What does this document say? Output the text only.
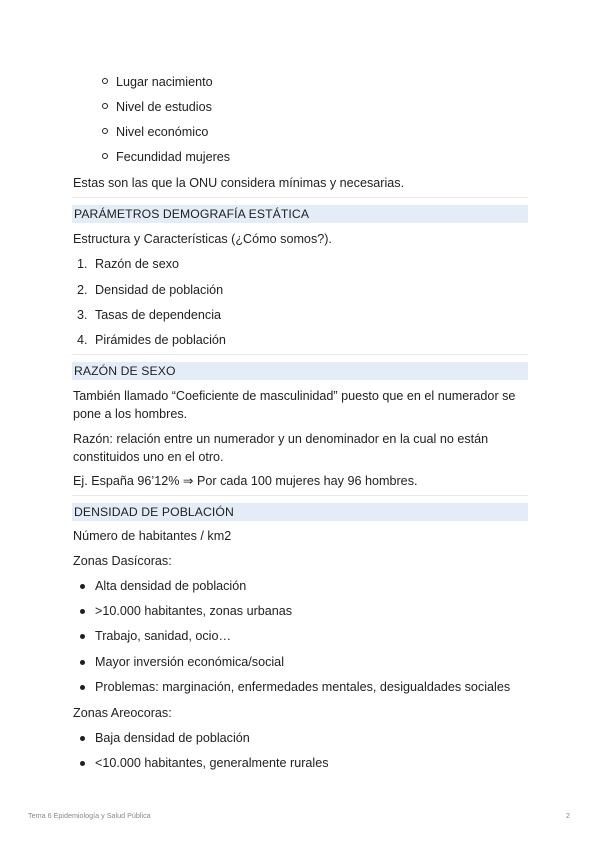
Lugar nacimiento
Nivel de estudios
Nivel económico
Fecundidad mujeres
Estas son las que la ONU considera mínimas y necesarias.
PARÁMETROS DEMOGRAFÍA ESTÁTICA
Estructura y Características (¿Cómo somos?).
1. Razón de sexo
2. Densidad de población
3. Tasas de dependencia
4. Pirámides de población
RAZÓN DE SEXO
También llamado “Coeficiente de masculinidad” puesto que en el numerador se
pone a los hombres.
Razón: relación entre un numerador y un denominador en la cual no están
constituidos uno en el otro.
Ej. España 96’12% ⇒ Por cada 100 mujeres hay 96 hombres.
DENSIDAD DE POBLACIÓN
Número de habitantes / km2
Zonas Dasícoras:
Alta densidad de población
>10.000 habitantes, zonas urbanas
Trabajo, sanidad, ocio…
Mayor inversión económica/social
Problemas: marginación, enfermedades mentales, desigualdades sociales
Zonas Areocoras:
Baja densidad de población
<10.000 habitantes, generalmente rurales
Tema 6 Epidemiología y Salud Pública	2
